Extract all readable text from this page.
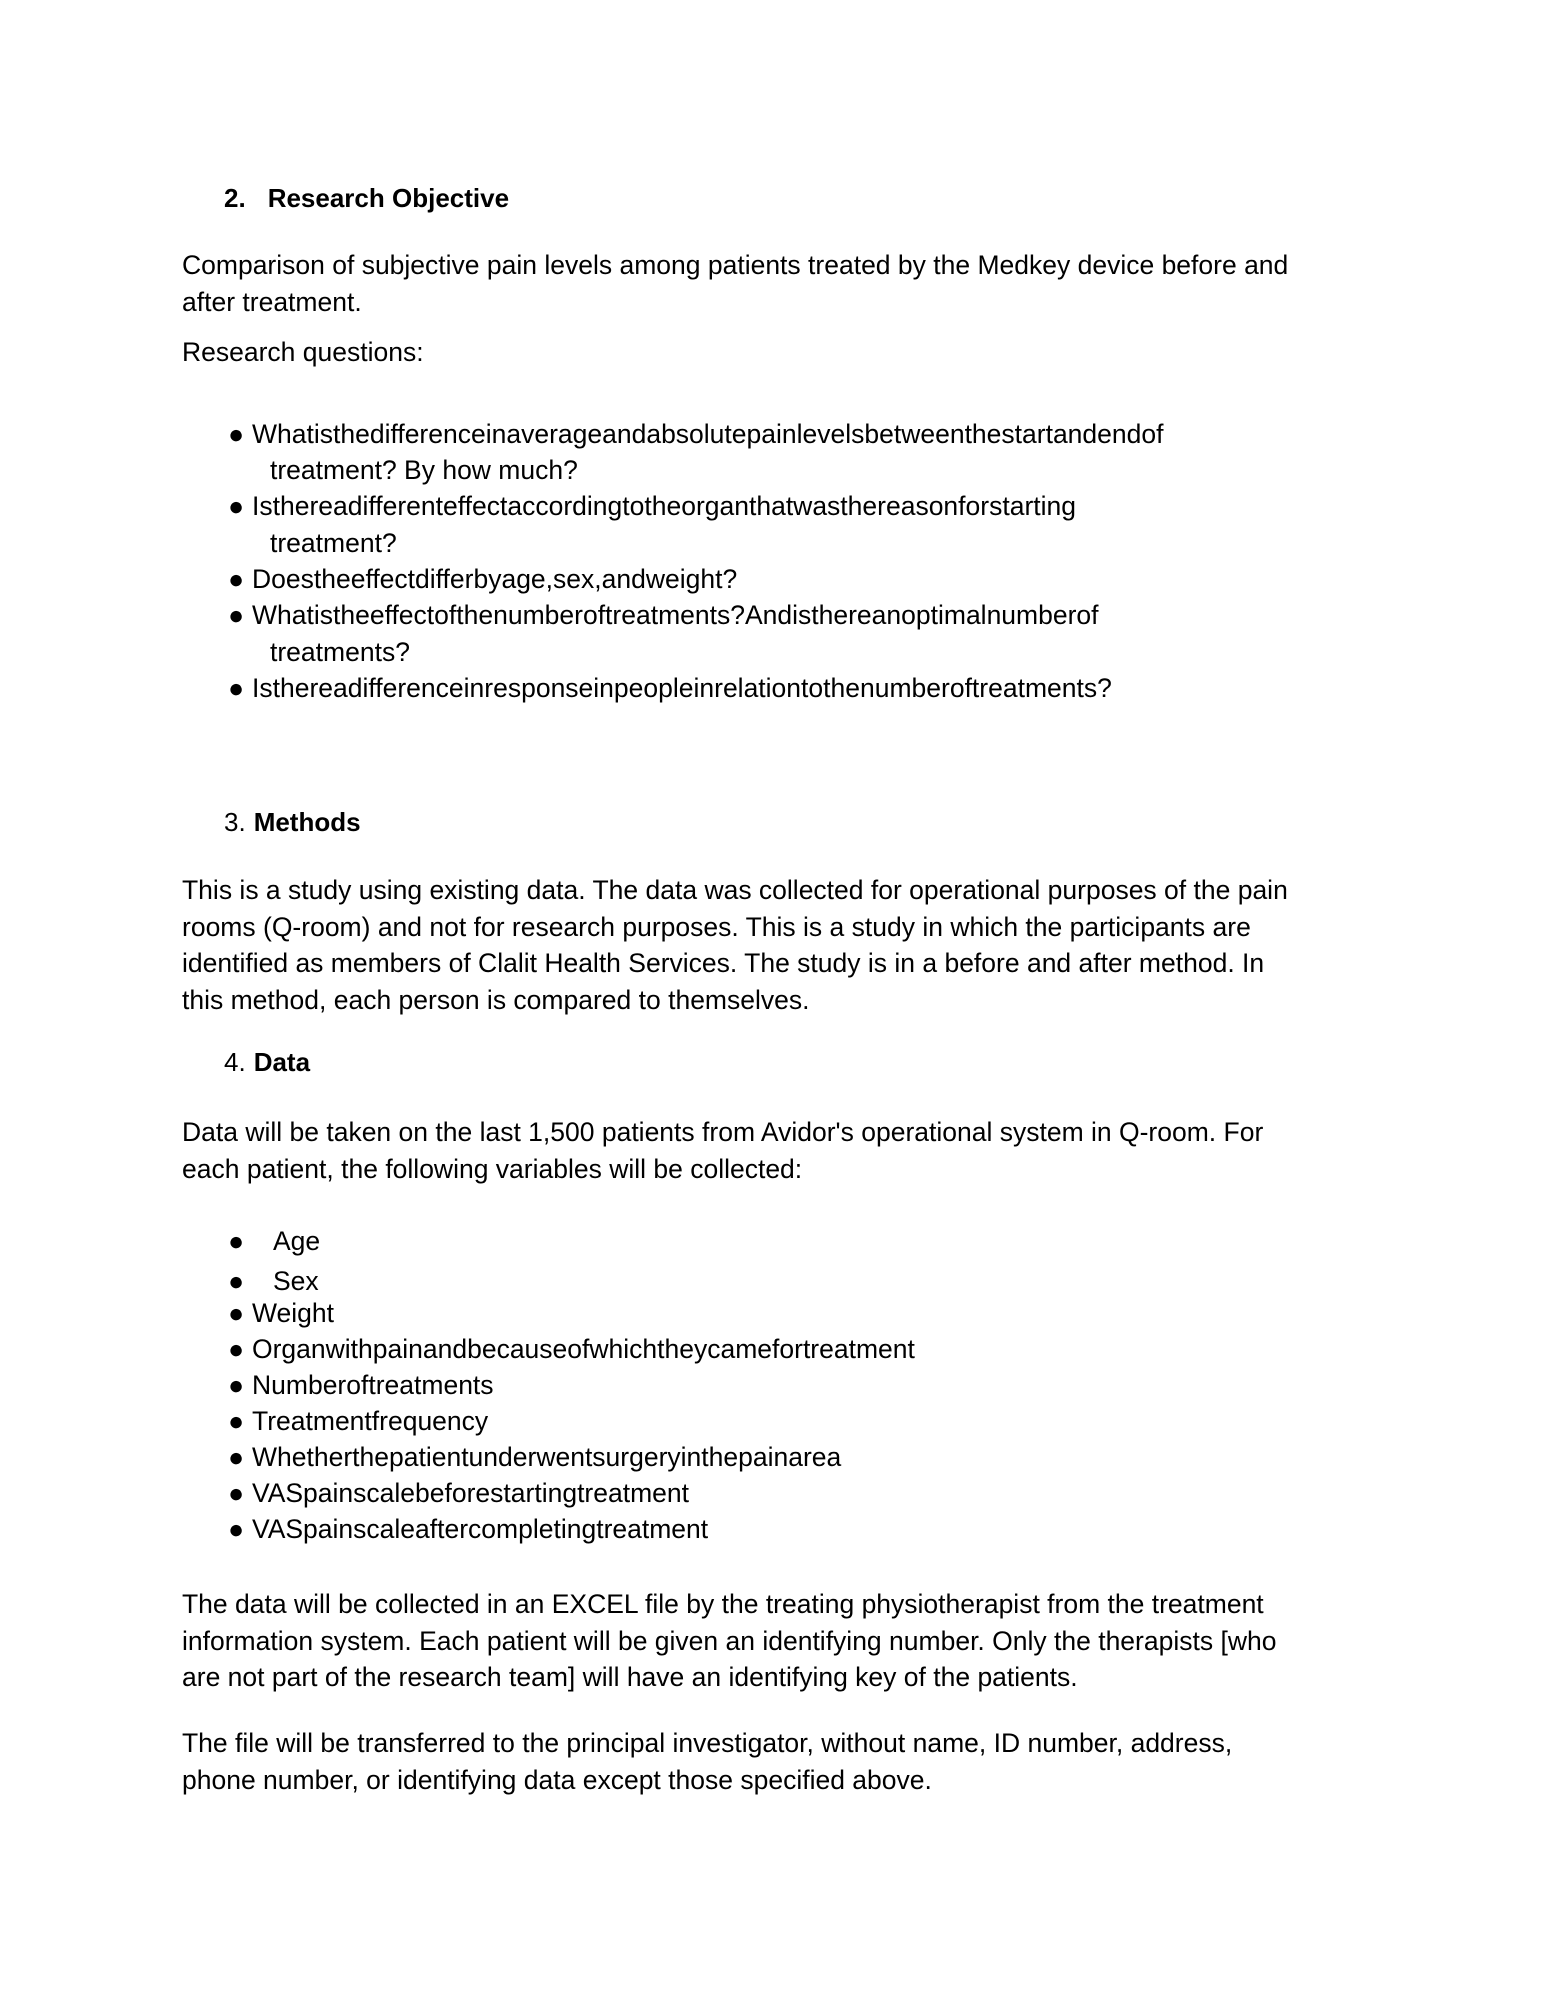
2. Research Objective
Comparison of subjective pain levels among patients treated by the Medkey device before and
after treatment.
Research questions:
● Whatisthedifferenceinaverageandabsolutepainlevelsbetweenthestartandendof
treatment? By how much?
● Isthereadifferenteffectaccordingtotheorganthatwasthereasonforstarting
treatment?
● Doestheeffectdifferbyage,sex,andweight?
● Whatistheeffectofthenumberoftreatments?Andisthereanoptimalnumberof
treatments?
● Isthereadifferenceinresponseinpeopleinrelationtothenumberoftreatments?
3. Methods
This is a study using existing data. The data was collected for operational purposes of the pain
rooms (Q-room) and not for research purposes. This is a study in which the participants are
identified as members of Clalit Health Services. The study is in a before and after method. In
this method, each person is compared to themselves.
4. Data
Data will be taken on the last 1,500 patients from Avidor's operational system in Q-room. For
each patient, the following variables will be collected:
● Age
● Sex
● Weight
● Organwithpainandbecauseofwhichtheycamefortreatment
● Numberoftreatments
● Treatmentfrequency
● Whetherthepatientunderwentsurgeryinthepainarea
● VASpainscalebeforestartingtreatment
● VASpainscaleaftercompletingtreatment
The data will be collected in an EXCEL file by the treating physiotherapist from the treatment
information system. Each patient will be given an identifying number. Only the therapists [who
are not part of the research team] will have an identifying key of the patients.
The file will be transferred to the principal investigator, without name, ID number, address,
phone number, or identifying data except those specified above.
